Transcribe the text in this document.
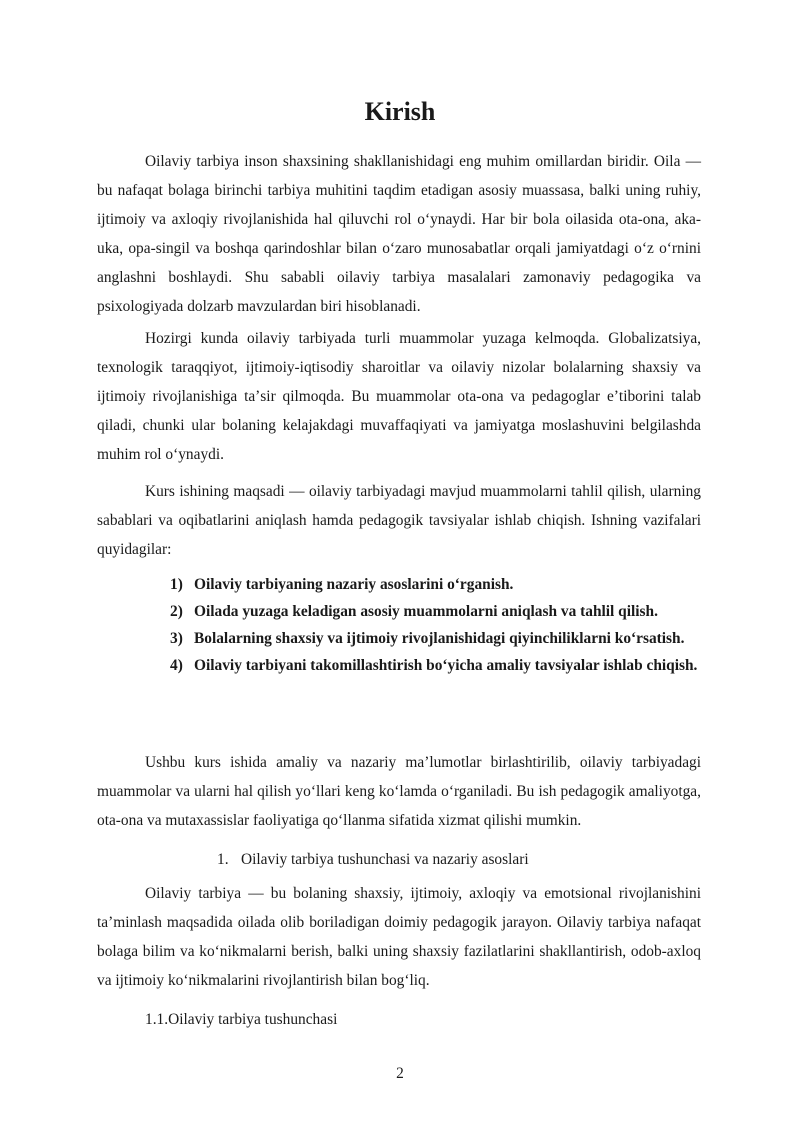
Kirish

Oilaviy tarbiya inson shaxsining shakllanishidagi eng muhim omillardan biridir. Oila — bu nafaqat bolaga birinchi tarbiya muhitini taqdim etadigan asosiy muassasa, balki uning ruhiy, ijtimoiy va axloqiy rivojlanishida hal qiluvchi rol oʻynaydi. Har bir bola oilasida ota-ona, aka-uka, opa-singil va boshqa qarindoshlar bilan oʻzaro munosabatlar orqali jamiyatdagi oʻz oʻrnini anglashni boshlaydi. Shu sababli oilaviy tarbiya masalalari zamonaviy pedagogika va psixologiyada dolzarb mavzulardan biri hisoblanadi.

Hozirgi kunda oilaviy tarbiyada turli muammolar yuzaga kelmoqda. Globalizatsiya, texnologik taraqqiyot, ijtimoiy-iqtisodiy sharoitlar va oilaviy nizolar bolalarning shaxsiy va ijtimoiy rivojlanishiga taʼsir qilmoqda. Bu muammolar ota-ona va pedagoglar eʼtiborini talab qiladi, chunki ular bolaning kelajakdagi muvaffaqiyati va jamiyatga moslashuvini belgilashda muhim rol oʻynaydi.

Kurs ishining maqsadi — oilaviy tarbiyadagi mavjud muammolarni tahlil qilish, ularning sabablari va oqibatlarini aniqlash hamda pedagogik tavsiyalar ishlab chiqish. Ishning vazifalari quyidagilar:

1) Oilaviy tarbiyaning nazariy asoslarini oʻrganish.
2) Oilada yuzaga keladigan asosiy muammolarni aniqlash va tahlil qilish.
3) Bolalarning shaxsiy va ijtimoiy rivojlanishidagi qiyinchiliklarni koʻrsatish.
4) Oilaviy tarbiyani takomillashtirish boʻyicha amaliy tavsiyalar ishlab chiqish.

Ushbu kurs ishida amaliy va nazariy maʼlumotlar birlashtirilib, oilaviy tarbiyadagi muammolar va ularni hal qilish yoʻllari keng koʻlamda oʻrganiladi. Bu ish pedagogik amaliyotga, ota-ona va mutaxassislar faoliyatiga qoʻllanma sifatida xizmat qilishi mumkin.

1. Oilaviy tarbiya tushunchasi va nazariy asoslari

Oilaviy tarbiya — bu bolaning shaxsiy, ijtimoiy, axloqiy va emotsional rivojlanishini taʼminlash maqsadida oilada olib boriladigan doimiy pedagogik jarayon. Oilaviy tarbiya nafaqat bolaga bilim va koʻnikmalarni berish, balki uning shaxsiy fazilatlarini shakllantirish, odob-axloq va ijtimoiy koʻnikmalarini rivojlantirish bilan bogʻliq.

1.1.Oilaviy tarbiya tushunchasi

2
